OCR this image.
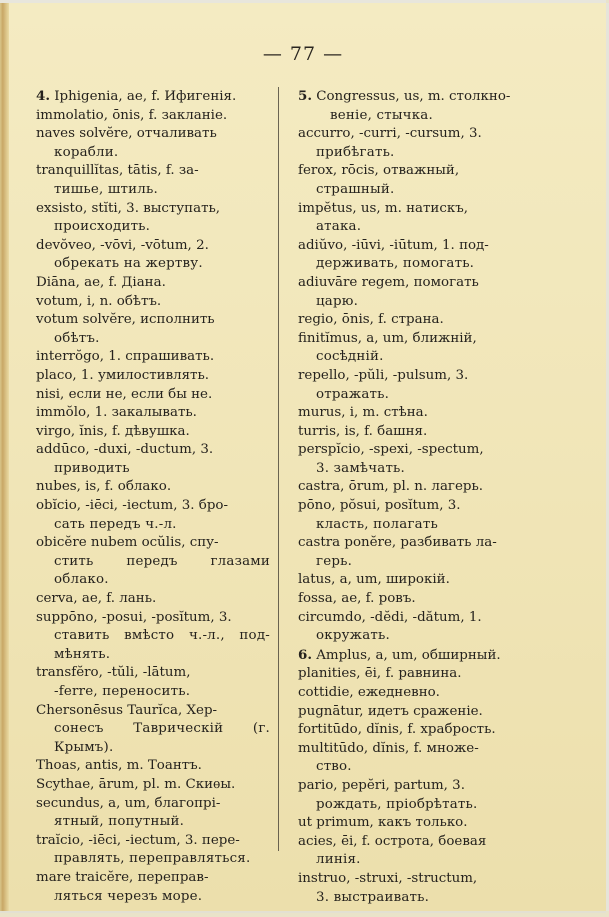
— 77 —
4. Iphigenia, ae, f. Ифигенія.
immolatio, ōnis, f. закланіе.
naves solvĕre, отчаливать
корабли.
tranquillĭtas, tātis, f. за-
тишье, штиль.
exsisto, stĭti, 3. выступать,
происходить.
devŏveo, -vōvi, -vōtum, 2.
обрекать на жертву.
Diāna, ae, f. Діана.
votum, i, n. обѣтъ.
votum solvĕre, исполнить
обѣтъ.
interrŏgo, 1. спрашивать.
placo, 1. умилостивлять.
nisi, если не, если бы не.
immŏlo, 1. закалывать.
virgo, ĭnis, f. дѣвушка.
addūco, -duxi, -ductum, 3.
приводить
nubes, is, f. облако.
obĭcio, -iēci, -iectum, 3. бро-
сать передъ ч.-л.
obicĕre nubem ocŭlis, спу-
стить передъ глазами облако.
cerva, ae, f. лань.
suppōno, -posui, -posĭtum, 3.
ставить вмѣсто ч.-л., под-мѣнять.
transfĕro, -tŭli, -lātum,
-ferre, переносить.
Chersonēsus Taurĭca, Хер-
сонесъ Таврическій (г. Крымъ).
Thoas, antis, m. Тоантъ.
Scythae, ārum, pl. m. Скиѳы.
secundus, a, um, благопрі-
ятный, попутный.
traĭcio, -iēci, -iectum, 3. пере-
правлять, переправляться.
mare traicĕre, переправ-
ляться черезъ море.
5. Congressus, us, m. столкно-
веніе, стычка.
accurro, -curri, -cursum, 3.
прибѣгать.
ferox, rōcis, отважный,
страшный.
impĕtus, us, m. натискъ,
атака.
adiŭvo, -iūvi, -iūtum, 1. под-
держивать, помогать.
adiuvāre regem, помогать
царю.
regio, ōnis, f. страна.
finitĭmus, a, um, ближній,
сосѣдній.
repello, -pŭli, -pulsum, 3.
отражать.
murus, i, m. стѣна.
turris, is, f. башня.
perspĭcio, -spexi, -spectum,
3. замѣчать.
castra, ōrum, pl. n. лагерь.
pōno, pŏsui, posĭtum, 3.
класть, полагать
castra ponĕre, разбивать ла-
герь.
latus, a, um, широкій.
fossa, ae, f. ровъ.
circumdo, -dĕdi, -dătum, 1.
окружать.
6. Amplus, a, um, обширный.
planities, ēi, f. равнина.
cottidie, ежедневно.
pugnātur, идетъ сраженіе.
fortitūdo, dĭnis, f. храбрость.
multitūdo, dĭnis, f. множе-
ство.
pario, pepĕri, partum, 3.
рождать, пріобрѣтать.
ut primum, какъ только.
acies, ēi, f. острота, боевая
линія.
instruo, -struxi, -structum,
3. выстраивать.
